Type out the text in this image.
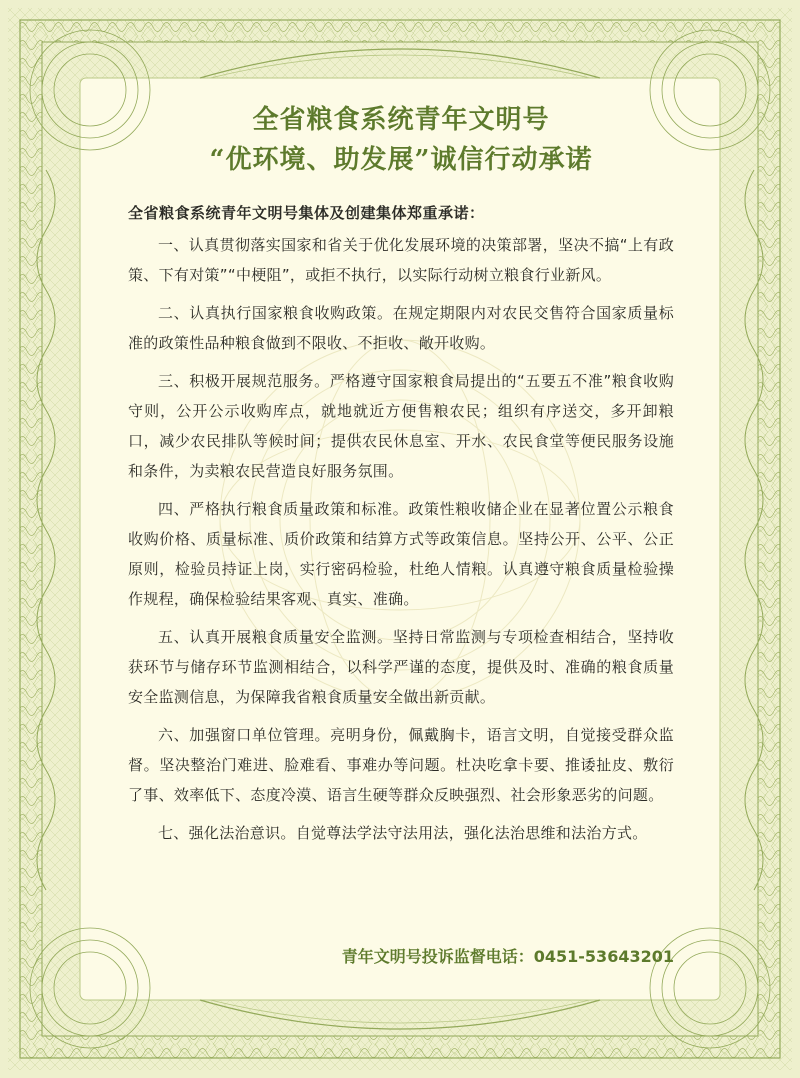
全省粮食系统青年文明号
“优环境、助发展”诚信行动承诺

全省粮食系统青年文明号集体及创建集体郑重承诺：

一、认真贯彻落实国家和省关于优化发展环境的决策部署，坚决不搞“上有政策、下有对策”“中梗阻”，或拒不执行，以实际行动树立粮食行业新风。

二、认真执行国家粮食收购政策。在规定期限内对农民交售符合国家质量标准的政策性品种粮食做到不限收、不拒收、敞开收购。

三、积极开展规范服务。严格遵守国家粮食局提出的“五要五不准”粮食收购守则，公开公示收购库点，就地就近方便售粮农民；组织有序送交，多开卸粮口，减少农民排队等候时间；提供农民休息室、开水、农民食堂等便民服务设施和条件，为卖粮农民营造良好服务氛围。

四、严格执行粮食质量政策和标准。政策性粮收储企业在显著位置公示粮食收购价格、质量标准、质价政策和结算方式等政策信息。坚持公开、公平、公正原则，检验员持证上岗，实行密码检验，杜绝人情粮。认真遵守粮食质量检验操作规程，确保检验结果客观、真实、准确。

五、认真开展粮食质量安全监测。坚持日常监测与专项检查相结合，坚持收获环节与储存环节监测相结合，以科学严谨的态度，提供及时、准确的粮食质量安全监测信息，为保障我省粮食质量安全做出新贡献。

六、加强窗口单位管理。亮明身份，佩戴胸卡，语言文明，自觉接受群众监督。坚决整治门难进、脸难看、事难办等问题。杜决吃拿卡要、推诿扯皮、敷衍了事、效率低下、态度冷漠、语言生硬等群众反映强烈、社会形象恶劣的问题。

七、强化法治意识。自觉尊法学法守法用法，强化法治思维和法治方式。

青年文明号投诉监督电话：0451-53643201
